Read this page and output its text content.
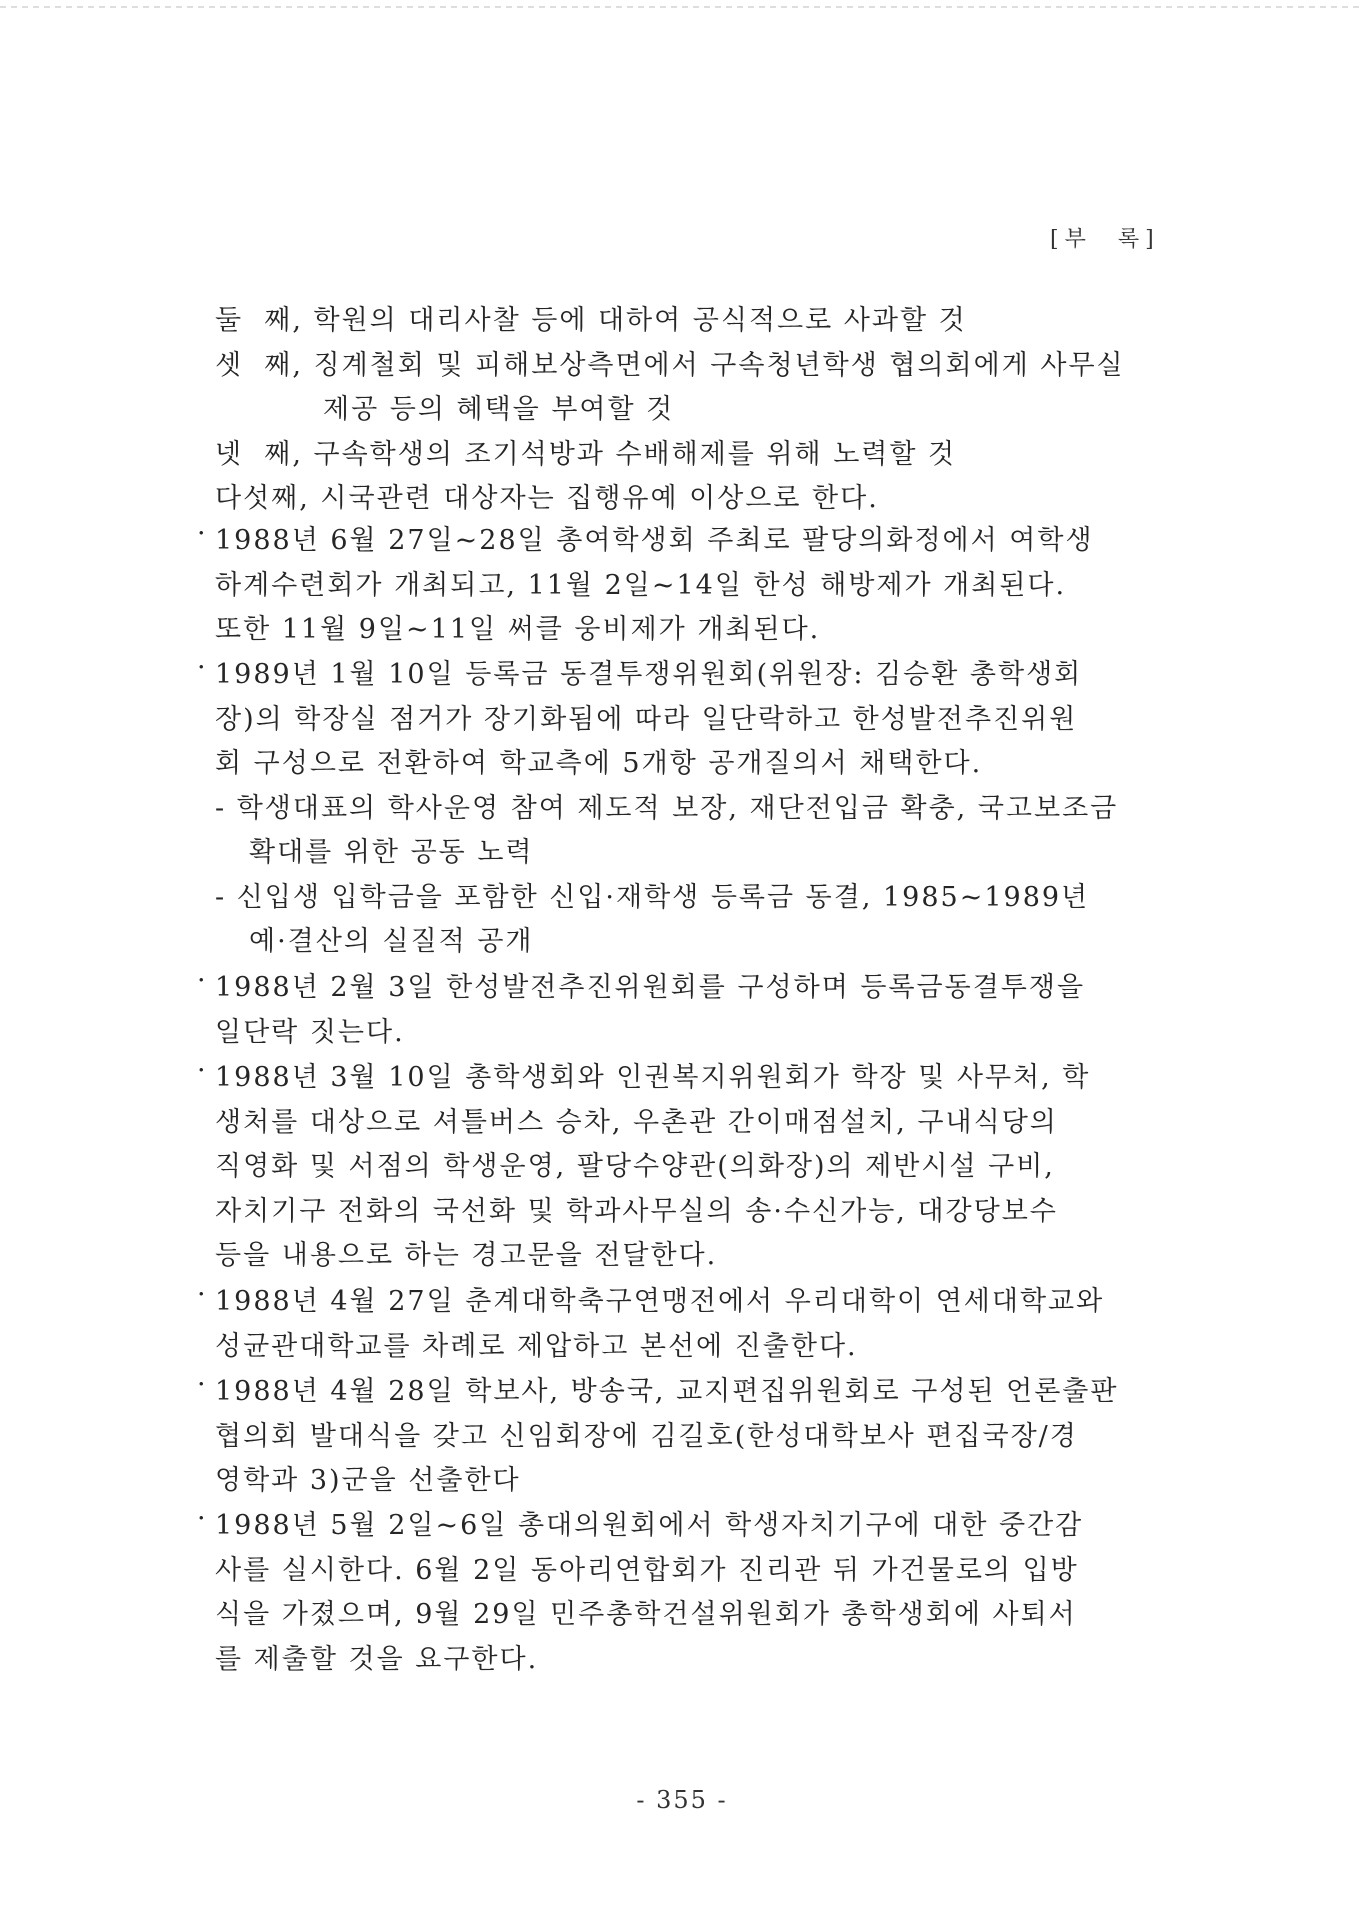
[부  록]
둘  째, 학원의 대리사찰 등에 대하여 공식적으로 사과할 것
셋  째, 징계철회 및 피해보상측면에서 구속청년학생 협의회에게 사무실
제공 등의 혜택을 부여할 것
넷  째, 구속학생의 조기석방과 수배해제를 위해 노력할 것
다섯째, 시국관련 대상자는 집행유예 이상으로 한다.
· 1988년 6월 27일~28일 총여학생회 주최로 팔당의화정에서 여학생
하계수련회가 개최되고, 11월 2일~14일 한성 해방제가 개최된다.
또한 11월 9일~11일 써클 웅비제가 개최된다.
· 1989년 1월 10일 등록금 동결투쟁위원회(위원장: 김승환 총학생회
장)의 학장실 점거가 장기화됨에 따라 일단락하고 한성발전추진위원
회 구성으로 전환하여 학교측에 5개항 공개질의서 채택한다.
- 학생대표의 학사운영 참여 제도적 보장, 재단전입금 확충, 국고보조금
확대를 위한 공동 노력
- 신입생 입학금을 포함한 신입·재학생 등록금 동결, 1985~1989년
예·결산의 실질적 공개
· 1988년 2월 3일 한성발전추진위원회를 구성하며 등록금동결투쟁을
일단락 짓는다.
· 1988년 3월 10일 총학생회와 인권복지위원회가 학장 및 사무처, 학
생처를 대상으로 셔틀버스 승차, 우촌관 간이매점설치, 구내식당의
직영화 및 서점의 학생운영, 팔당수양관(의화장)의 제반시설 구비,
자치기구 전화의 국선화 및 학과사무실의 송·수신가능, 대강당보수
등을 내용으로 하는 경고문을 전달한다.
· 1988년 4월 27일 춘계대학축구연맹전에서 우리대학이 연세대학교와
성균관대학교를 차례로 제압하고 본선에 진출한다.
· 1988년 4월 28일 학보사, 방송국, 교지편집위원회로 구성된 언론출판
협의회 발대식을 갖고 신임회장에 김길호(한성대학보사 편집국장/경
영학과 3)군을 선출한다
· 1988년 5월 2일~6일 총대의원회에서 학생자치기구에 대한 중간감
사를 실시한다. 6월 2일 동아리연합회가 진리관 뒤 가건물로의 입방
식을 가졌으며, 9월 29일 민주총학건설위원회가 총학생회에 사퇴서
를 제출할 것을 요구한다.
- 355 -
